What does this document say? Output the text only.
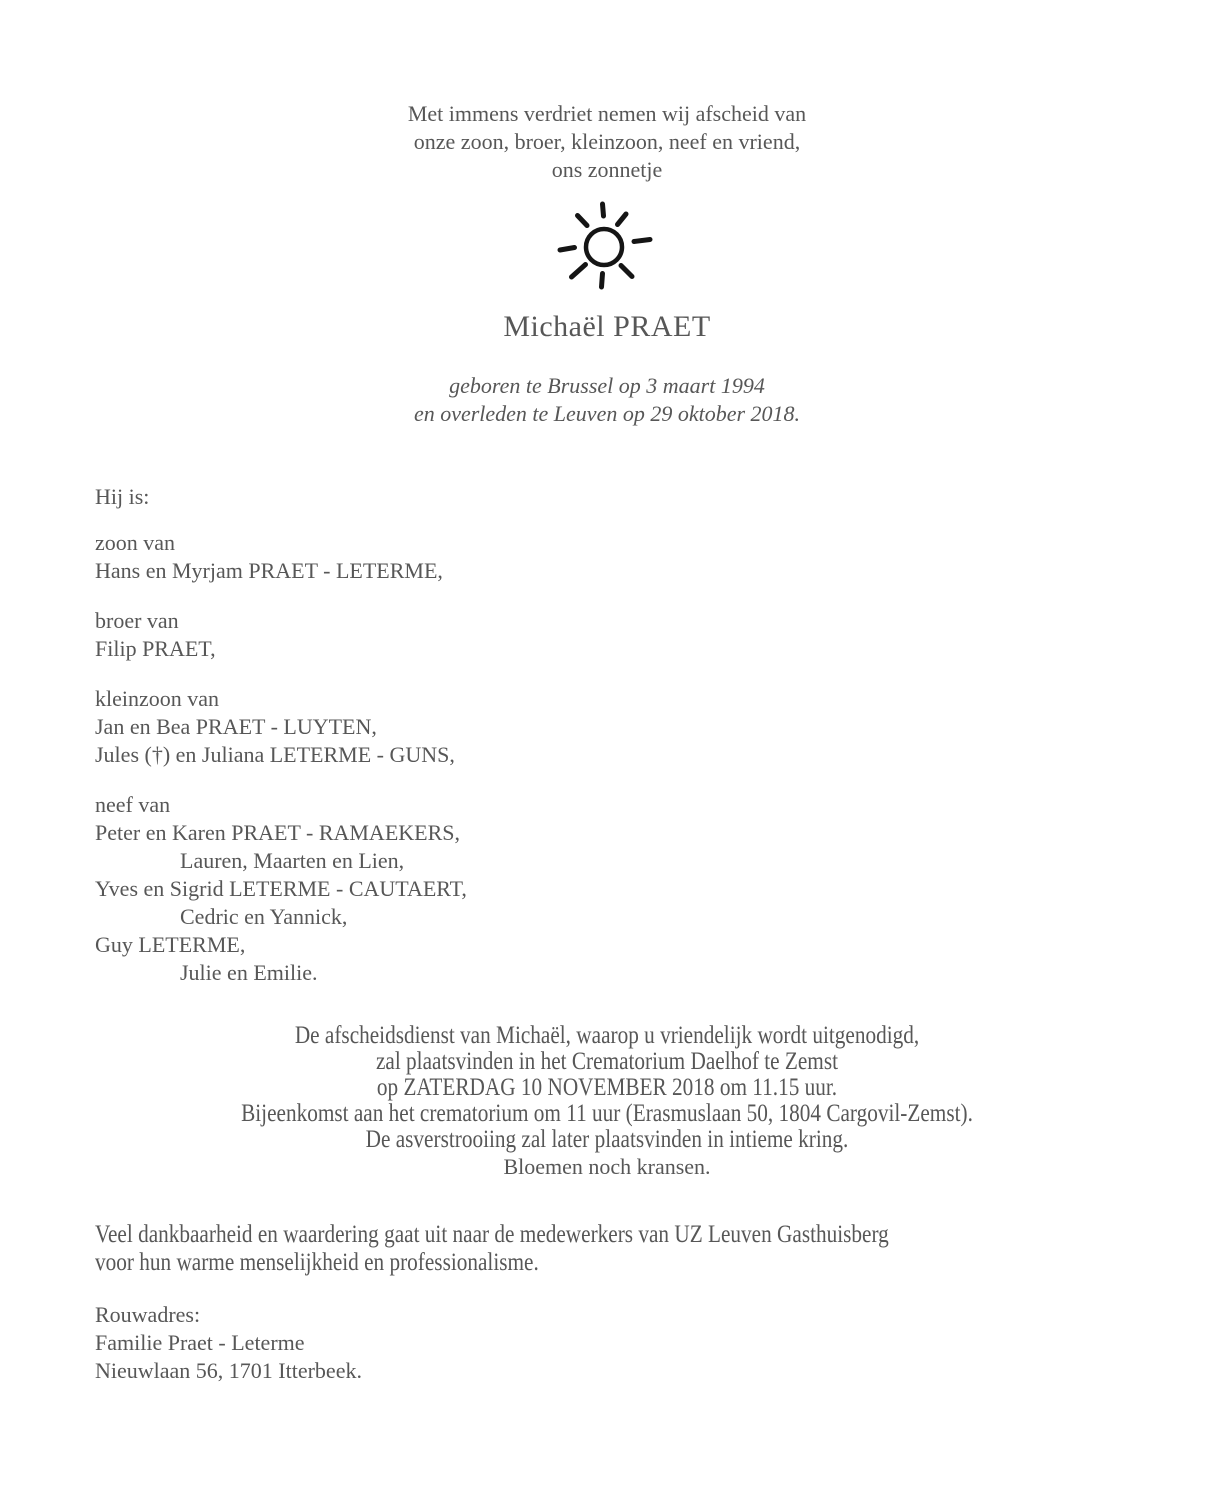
Met immens verdriet nemen wij afscheid van

onze zoon, broer, kleinzoon, neef en vriend,

ons zonnetje

Michaël PRAET

geboren te Brussel op 3 maart 1994

en overleden te Leuven op 29 oktober 2018.

Hij is:

zoon van

Hans en Myrjam PRAET - LETERME,

broer van

Filip PRAET,

kleinzoon van

Jan en Bea PRAET - LUYTEN,

Jules (†) en Juliana LETERME - GUNS,

neef van

Peter en Karen PRAET - RAMAEKERS,

Lauren, Maarten en Lien,

Yves en Sigrid LETERME - CAUTAERT,

Cedric en Yannick,

Guy LETERME,

Julie en Emilie.

De afscheidsdienst van Michaël, waarop u vriendelijk wordt uitgenodigd,

zal plaatsvinden in het Crematorium Daelhof te Zemst

op ZATERDAG 10 NOVEMBER 2018 om 11.15 uur.

Bijeenkomst aan het crematorium om 11 uur (Erasmuslaan 50, 1804 Cargovil-Zemst).

De asverstrooiing zal later plaatsvinden in intieme kring.

Bloemen noch kransen.

Veel dankbaarheid en waardering gaat uit naar de medewerkers van UZ Leuven Gasthuisberg

voor hun warme menselijkheid en professionalisme.

Rouwadres:

Familie Praet - Leterme

Nieuwlaan 56, 1701 Itterbeek.
